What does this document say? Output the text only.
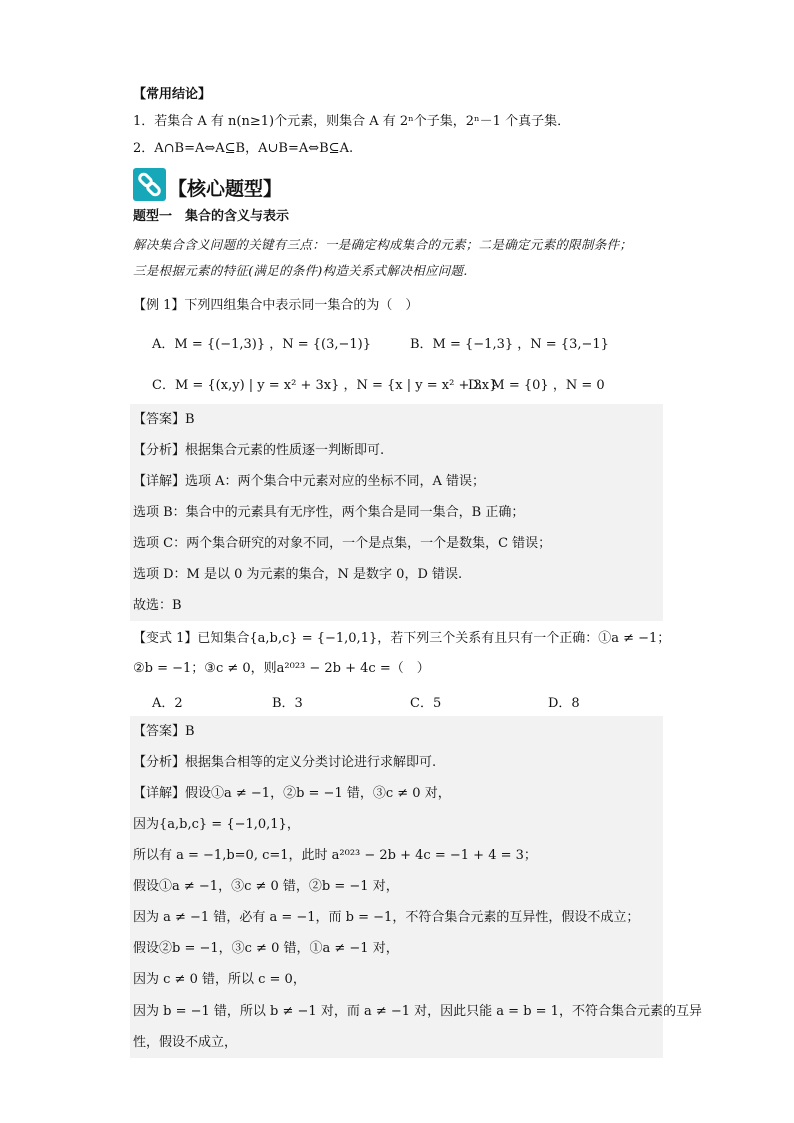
【常用结论】
1．若集合 A 有 n(n≥1)个元素，则集合 A 有 2ⁿ个子集，2ⁿ－1 个真子集．
2．A∩B=A⇔A⊆B，A∪B=A⇔B⊆A.
【核心题型】
题型一　集合的含义与表示
解决集合含义问题的关键有三点：一是确定构成集合的元素；二是确定元素的限制条件；
三是根据元素的特征(满足的条件)构造关系式解决相应问题.
【例 1】下列四组集合中表示同一集合的为（　）
A．M = {(−1,3)} ，N = {(3,−1)}	B．M = {−1,3} ，N = {3,−1}
C．M = {(x,y) | y = x² + 3x} ，N = {x | y = x² + 3x}
D．M = {0} ，N = 0
【答案】B
【分析】根据集合元素的性质逐一判断即可.
【详解】选项 A：两个集合中元素对应的坐标不同，A 错误；
选项 B：集合中的元素具有无序性，两个集合是同一集合，B 正确；
选项 C：两个集合研究的对象不同，一个是点集，一个是数集，C 错误；
选项 D：M 是以 0 为元素的集合，N 是数字 0，D 错误.
故选：B
【变式 1】已知集合{a,b,c} = {−1,0,1}，若下列三个关系有且只有一个正确：①a ≠ −1；
②b = −1；③c ≠ 0，则a²⁰²³ − 2b + 4c =（　）
A．2	B．3	C．5	D．8
【答案】B
【分析】根据集合相等的定义分类讨论进行求解即可.
【详解】假设①a ≠ −1，②b = −1 错，③c ≠ 0 对，
因为{a,b,c} = {−1,0,1}，
所以有 a = −1,b=0, c=1，此时 a²⁰²³ − 2b + 4c = −1 + 4 = 3；
假设①a ≠ −1，③c ≠ 0 错，②b = −1 对，
因为 a ≠ −1 错，必有 a = −1，而 b = −1，不符合集合元素的互异性，假设不成立；
假设②b = −1，③c ≠ 0 错，①a ≠ −1 对，
因为 c ≠ 0 错，所以 c = 0，
因为 b = −1 错，所以 b ≠ −1 对，而 a ≠ −1 对，因此只能 a = b = 1，不符合集合元素的互异
性，假设不成立，
